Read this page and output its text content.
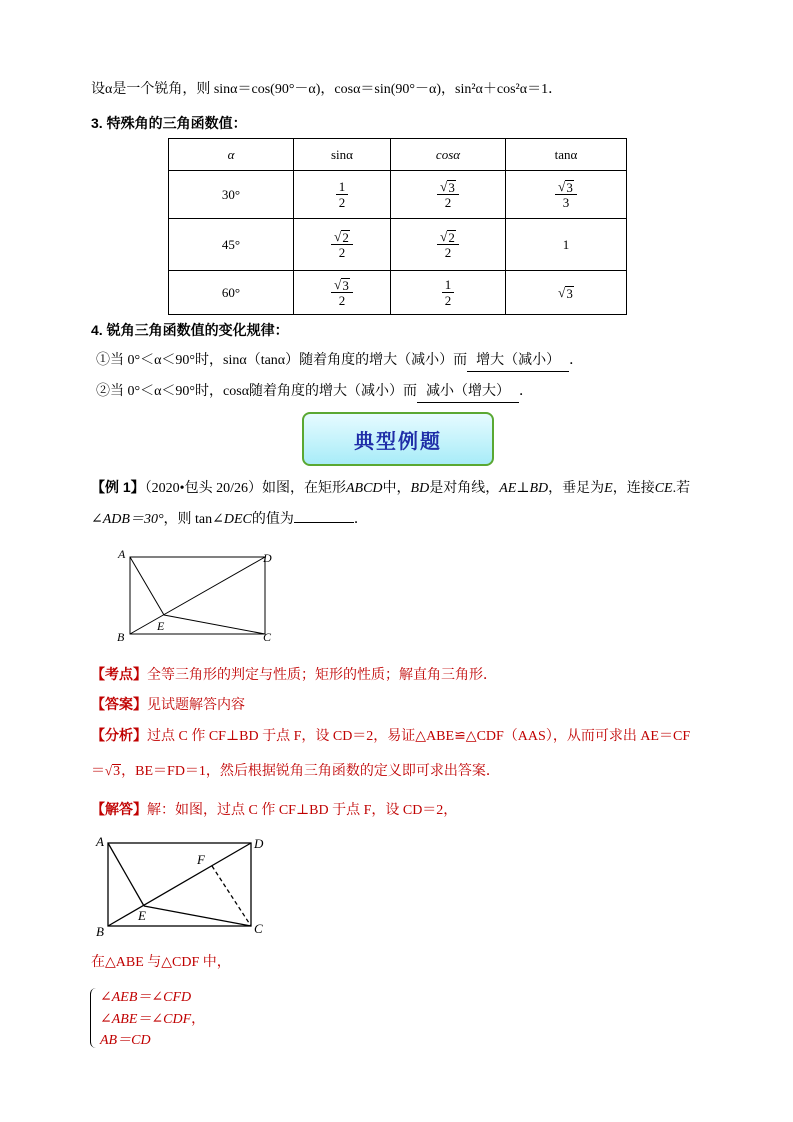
设α是一个锐角，则 sinα＝cos(90°－α)，cosα＝sin(90°－α)，sin²α＋cos²α＝1．
3. 特殊角的三角函数值：
α	sinα	cosα	tanα
30°	$\frac{1}{2}$	$\frac{√ 3}{2}$	$\frac{√ 3}{3}$

45°	$\frac{√ 2}{2}$	$\frac{√ 2}{2}$	1
60°	$\frac{√ 3}{2}$	$\frac{1}{2}$	√ 3
4. 锐角三角函数值的变化规律：
①当 0°＜α＜90°时，sinα（tanα）随着角度的增大（减小）而 增大（减小） ．
②当 0°＜α＜90°时，cosα随着角度的增大（减小）而 减小（增大） ．
典型例题
【例 1】（2020•包头 20/26）如图，在矩形ABCD中，BD是对角线，AE⊥BD，垂足为E，连接CE.若
∠ADB＝30°，则 tan∠DEC的值为	．
A
B	C
D
E
【考点】全等三角形的判定与性质；矩形的性质；解直角三角形．
【答案】见试题解答内容
【分析】过点 C 作 CF⊥BD 于点 F，设 CD＝2，易证△ABE≌△CDF（AAS），从而可求出 AE＝CF
＝ √ 3 ，BE＝FD＝1，然后根据锐角三角函数的定义即可求出答案．
【解答】解：如图，过点 C 作 CF⊥BD 于点 F，设 CD＝2，
A
B	C
D
E
F
在△ABE 与△CDF 中，
∠AEB＝∠CFD
∠ABE＝∠CDF，
AB＝CD
